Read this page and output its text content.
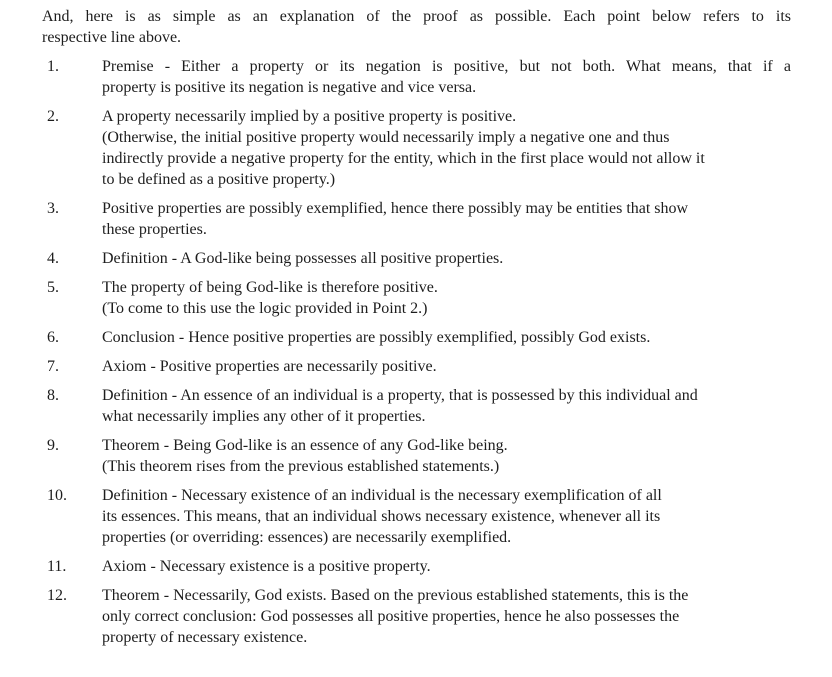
And, here is as simple as an explanation of the proof as possible. Each point below refers to its
respective line above.
1.	Premise - Either a property or its negation is positive, but not both. What means, that if a
property is positive its negation is negative and vice versa.
2.	A property necessarily implied by a positive property is positive.
(Otherwise, the initial positive property would necessarily imply a negative one and thus
indirectly provide a negative property for the entity, which in the first place would not allow it
to be defined as a positive property.)
3.	Positive properties are possibly exemplified, hence there possibly may be entities that show
these properties.
4.	Definition - A God-like being possesses all positive properties.
5.	The property of being God-like is therefore positive.
(To come to this use the logic provided in Point 2.)
6.	Conclusion - Hence positive properties are possibly exemplified, possibly God exists.
7.	Axiom - Positive properties are necessarily positive.
8.	Definition - An essence of an individual is a property, that is possessed by this individual and
what necessarily implies any other of it properties.
9.	Theorem - Being God-like is an essence of any God-like being.
(This theorem rises from the previous established statements.)
10.	Definition - Necessary existence of an individual is the necessary exemplification of all
its essences. This means, that an individual shows necessary existence, whenever all its
properties (or overriding: essences) are necessarily exemplified.
11.	Axiom - Necessary existence is a positive property.
12.	Theorem - Necessarily, God exists. Based on the previous established statements, this is the
only correct conclusion: God possesses all positive properties, hence he also possesses the
property of necessary existence.
